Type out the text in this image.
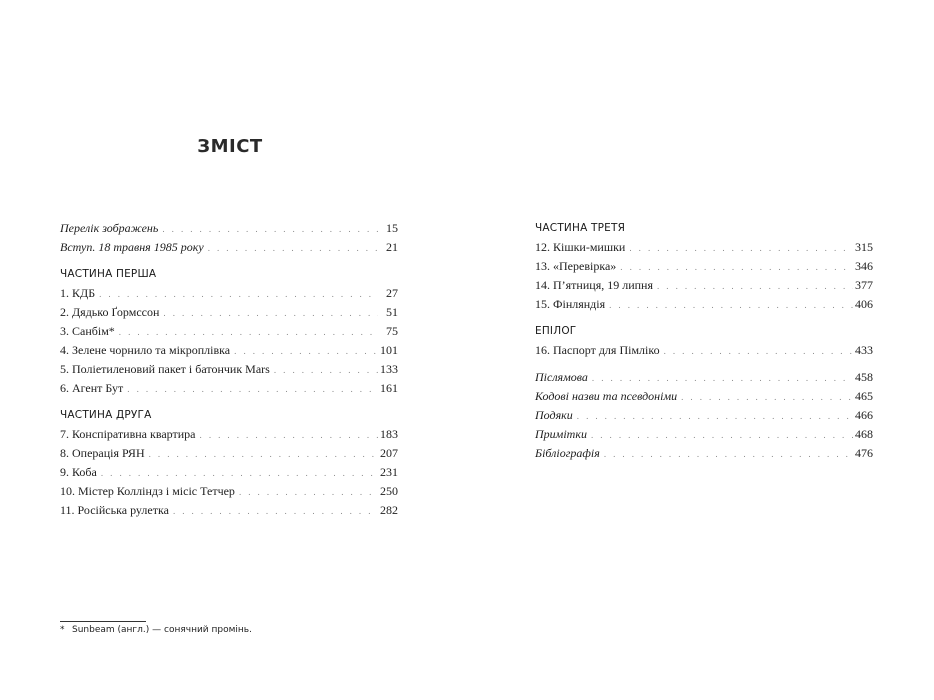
ЗМІСТ
Перелік зображень . . .	15
Вступ. 18 травня 1985 року . . .	21
ЧАСТИНА ПЕРША
1. КДБ . . .	27
2. Дядько Ґормссон . . .	51
3. Санбім* . . .	75
4. Зелене чорнило та мікроплівка . . .	101
5. Поліетиленовий пакет і батончик Mars . . .	133
6. Агент Бут . . .	161
ЧАСТИНА ДРУГА
7. Конспіративна квартира . . .	183
8. Операція РЯН . . .	207
9. Коба . . .	231
10. Містер Колліндз і місіс Тетчер . . .	250
11. Російська рулетка . . .	282
ЧАСТИНА ТРЕТЯ
12. Кішки-мишки . . .	315
13. «Перевірка» . . .	346
14. П’ятниця, 19 липня . . .	377
15. Фінляндія . . .	406
ЕПІЛОГ
16. Паспорт для Пімліко . . .	433
Післямова . . .	458
Кодові назви та псевдоніми . . .	465
Подяки . . .	466
Примітки . . .	468
Бібліографія . . .	476
* Sunbeam (англ.) — сонячний промінь.
